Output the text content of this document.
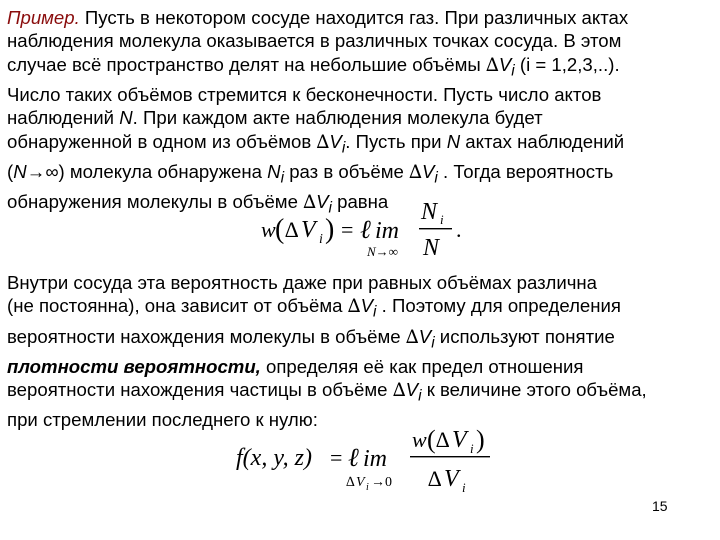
Пример. Пусть в некотором сосуде находится газ. При различных актах
наблюдения молекула оказывается в различных точках сосуда. В этом
случае всё пространство делят на небольшие объёмы $\Delta V_i$ (i = 1,2,3,..).
Число таких объёмов стремится к бесконечности. Пусть число актов
наблюдений N. При каждом акте наблюдения молекула будет
обнаруженной в одном из объёмов $\Delta V_i$. Пусть при N актах наблюдений
(N→∞) молекула обнаружена $N_i$ раз в объёме $\Delta V_i$ . Тогда вероятность
обнаружения молекулы в объёме $\Delta V_i$ равна
w ( ∆ V i ) = ℓ im
N→∞
N i
N
.
Внутри сосуда эта вероятность даже при равных объёмах различна
(не постоянна), она зависит от объёма $\Delta V_i$ . Поэтому для определения
вероятности нахождения молекулы в объёме $\Delta V_i$ используют понятие
плотности вероятности, определяя её как предел отношения
вероятности нахождения частицы в объёме $\Delta V_i$ к величине этого объёма,
при стремлении последнего к нулю:
f(x, y, z) = ℓ im
∆ V i →0
w ( ∆ V i )
∆ V i
15
